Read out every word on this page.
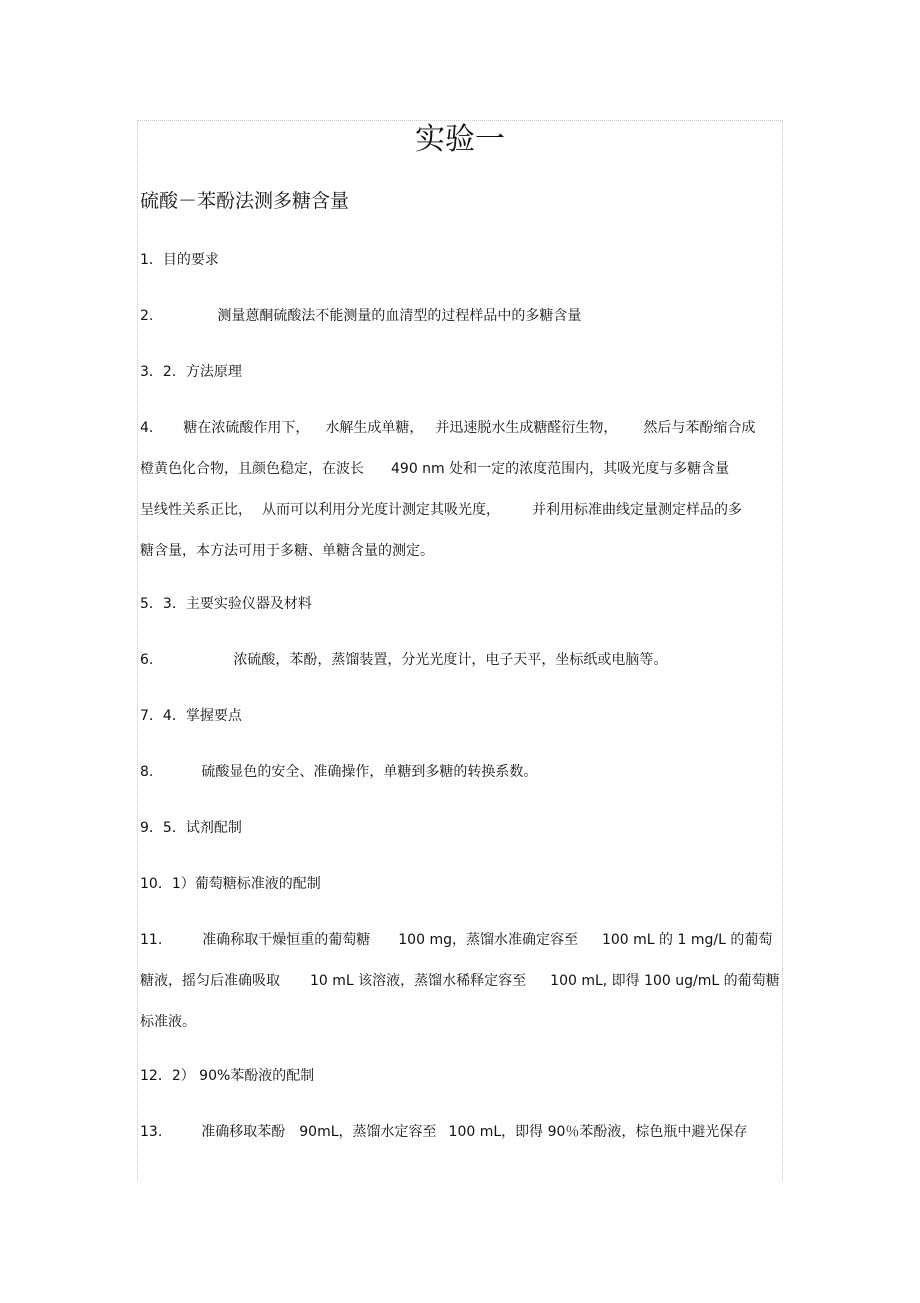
实验一
硫酸－苯酚法测多糖含量
1．目的要求
2.	测量蒽酮硫酸法不能测量的血清型的过程样品中的多糖含量
3．2．方法原理
4. 糖在浓硫酸作用下， 水解生成单糖， 并迅速脱水生成糖醛衍生物， 然后与苯酚缩合成
橙黄色化合物，且颜色稳定，在波长 490 nm 处和一定的浓度范围内，其吸光度与多糖含量
呈线性关系正比， 从而可以利用分光度计测定其吸光度， 并利用标准曲线定量测定样品的多
糖含量，本方法可用于多糖、单糖含量的测定。
5．3．主要实验仪器及材料
6.	浓硫酸，苯酚，蒸馏装置，分光光度计，电子天平，坐标纸或电脑等。
7．4．掌握要点
8.	硫酸显色的安全、准确操作，单糖到多糖的转换系数。
9．5．试剂配制
10．1）葡萄糖标准液的配制
11.	准确称取干燥恒重的葡萄糖 100 mg，蒸馏水准确定容至 100 mL 的 1 mg/L 的葡萄
糖液，摇匀后准确吸取 10 mL 该溶液，蒸馏水稀释定容至 100 mL, 即得 100 ug/mL 的葡萄糖
标准液。
12．2） 90%苯酚液的配制
13.	准确移取苯酚 90mL，蒸馏水定容至 100 mL，即得 90％苯酚液，棕色瓶中避光保存
